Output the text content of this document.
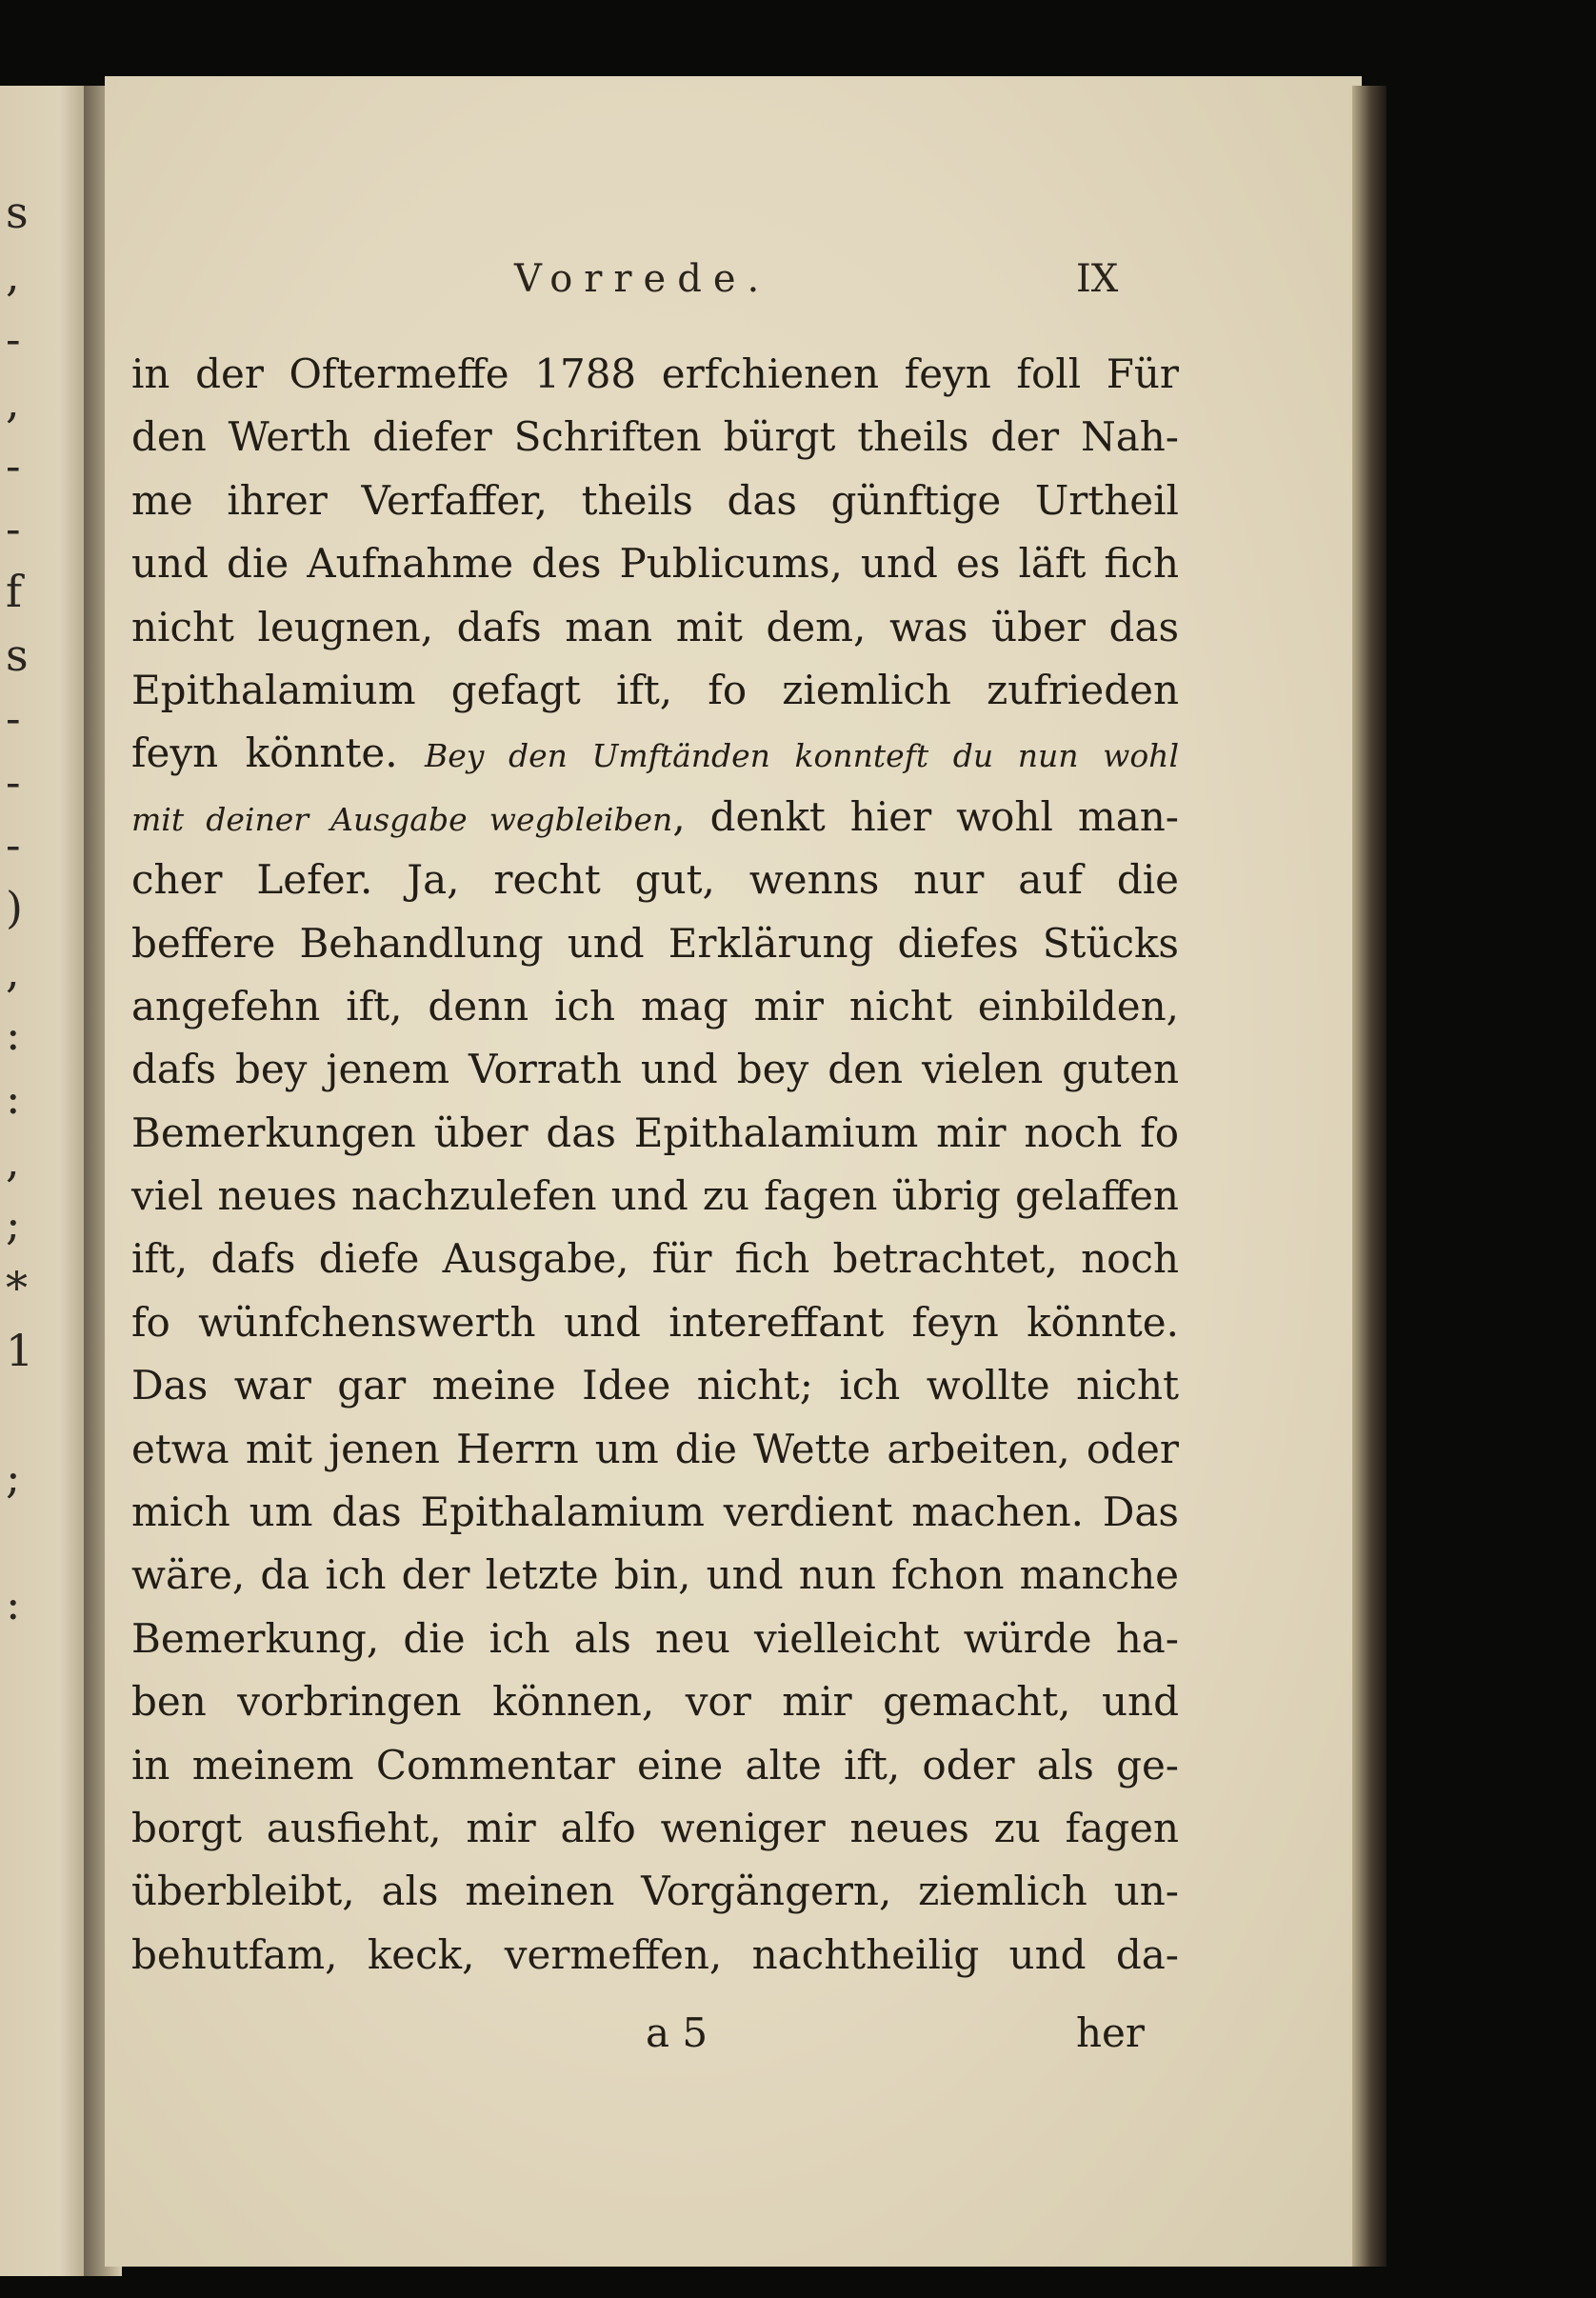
s
,
-
,
-
-
f
s
-
-
-
)
,
:
:
,
;
*
1
;
:
Vorrede.	IX
in der Oftermeffe 1788 erfchienen feyn foll Für
den Werth diefer Schriften bürgt theils der Nah-
me ihrer Verfaffer, theils das günftige Urtheil
und die Aufnahme des Publicums, und es läft fich
nicht leugnen, dafs man mit dem, was über das
Epithalamium gefagt ift, fo ziemlich zufrieden
feyn könnte. Bey den Umftänden konnteft du nun wohl
mit deiner Ausgabe wegbleiben, denkt hier wohl man-
cher Lefer. Ja, recht gut, wenns nur auf die
beffere Behandlung und Erklärung diefes Stücks
angefehn ift, denn ich mag mir nicht einbilden,
dafs bey jenem Vorrath und bey den vielen guten
Bemerkungen über das Epithalamium mir noch fo
viel neues nachzulefen und zu fagen übrig gelaffen
ift, dafs diefe Ausgabe, für fich betrachtet, noch
fo wünfchenswerth und intereffant feyn könnte.
Das war gar meine Idee nicht; ich wollte nicht
etwa mit jenen Herrn um die Wette arbeiten, oder
mich um das Epithalamium verdient machen. Das
wäre, da ich der letzte bin, und nun fchon manche
Bemerkung, die ich als neu vielleicht würde ha-
ben vorbringen können, vor mir gemacht, und
in meinem Commentar eine alte ift, oder als ge-
borgt ausfieht, mir alfo weniger neues zu fagen
überbleibt, als meinen Vorgängern, ziemlich un-
behutfam, keck, vermeffen, nachtheilig und da-
a 5	her
